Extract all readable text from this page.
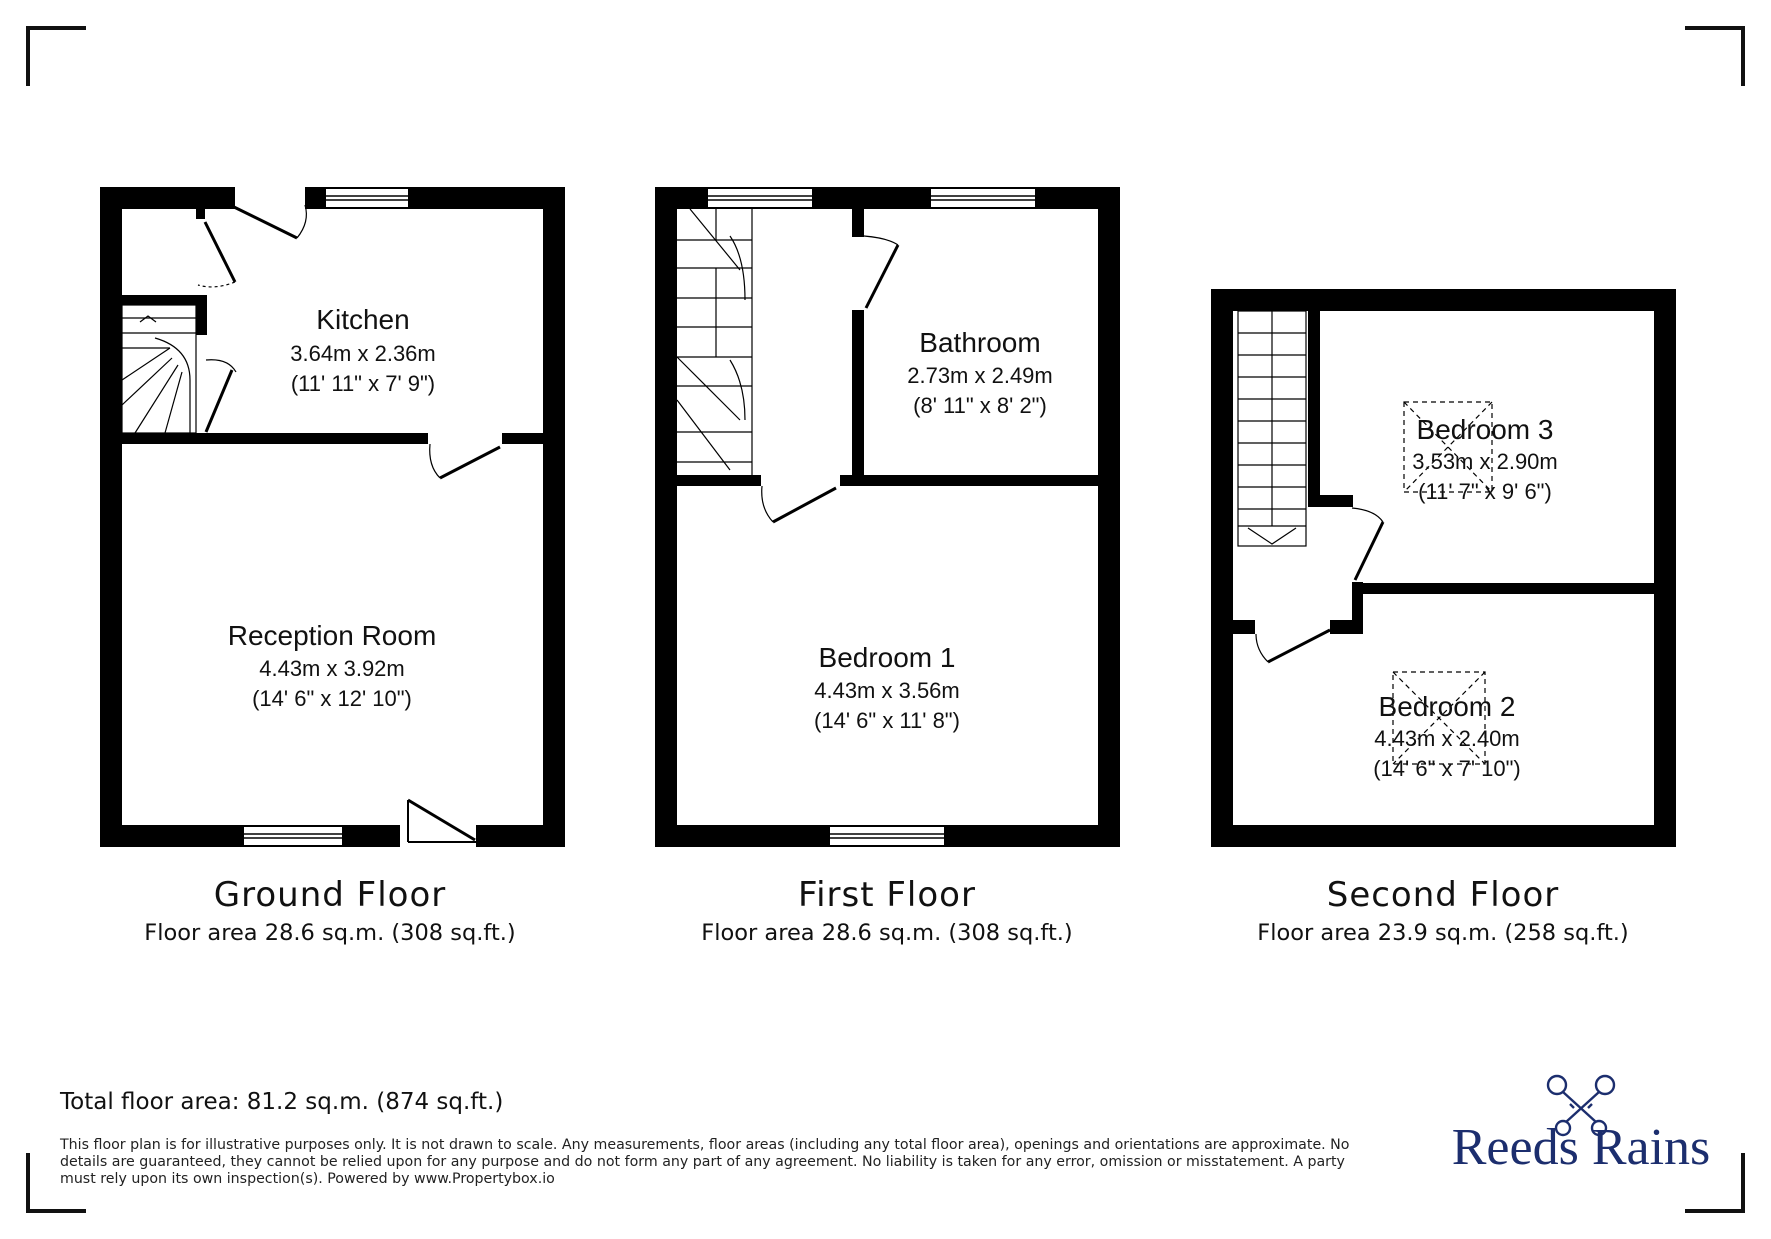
Kitchen
3.64m x 2.36m
(11' 11" x 7' 9")
Reception Room
4.43m x 3.92m
(14' 6" x 12' 10")
Bathroom
2.73m x 2.49m
(8' 11" x 8' 2")
Bedroom 1
4.43m x 3.56m
(14' 6" x 11' 8")
Bedroom 3
3.53m x 2.90m
(11' 7" x 9' 6")
Bedroom 2
4.43m x 2.40m
(14' 6" x 7' 10")
Ground Floor
Floor area 28.6 sq.m. (308 sq.ft.)
First Floor
Floor area 28.6 sq.m. (308 sq.ft.)
Second Floor
Floor area 23.9 sq.m. (258 sq.ft.)
Total floor area: 81.2 sq.m. (874 sq.ft.)
This floor plan is for illustrative purposes only. It is not drawn to scale. Any measurements, floor areas (including any total floor area), openings and orientations are approximate. No details are guaranteed, they cannot be relied upon for any purpose and do not form any part of any agreement. No liability is taken for any error, omission or misstatement. A party must rely upon its own inspection(s). Powered by www.Propertybox.io
Reeds Rains
